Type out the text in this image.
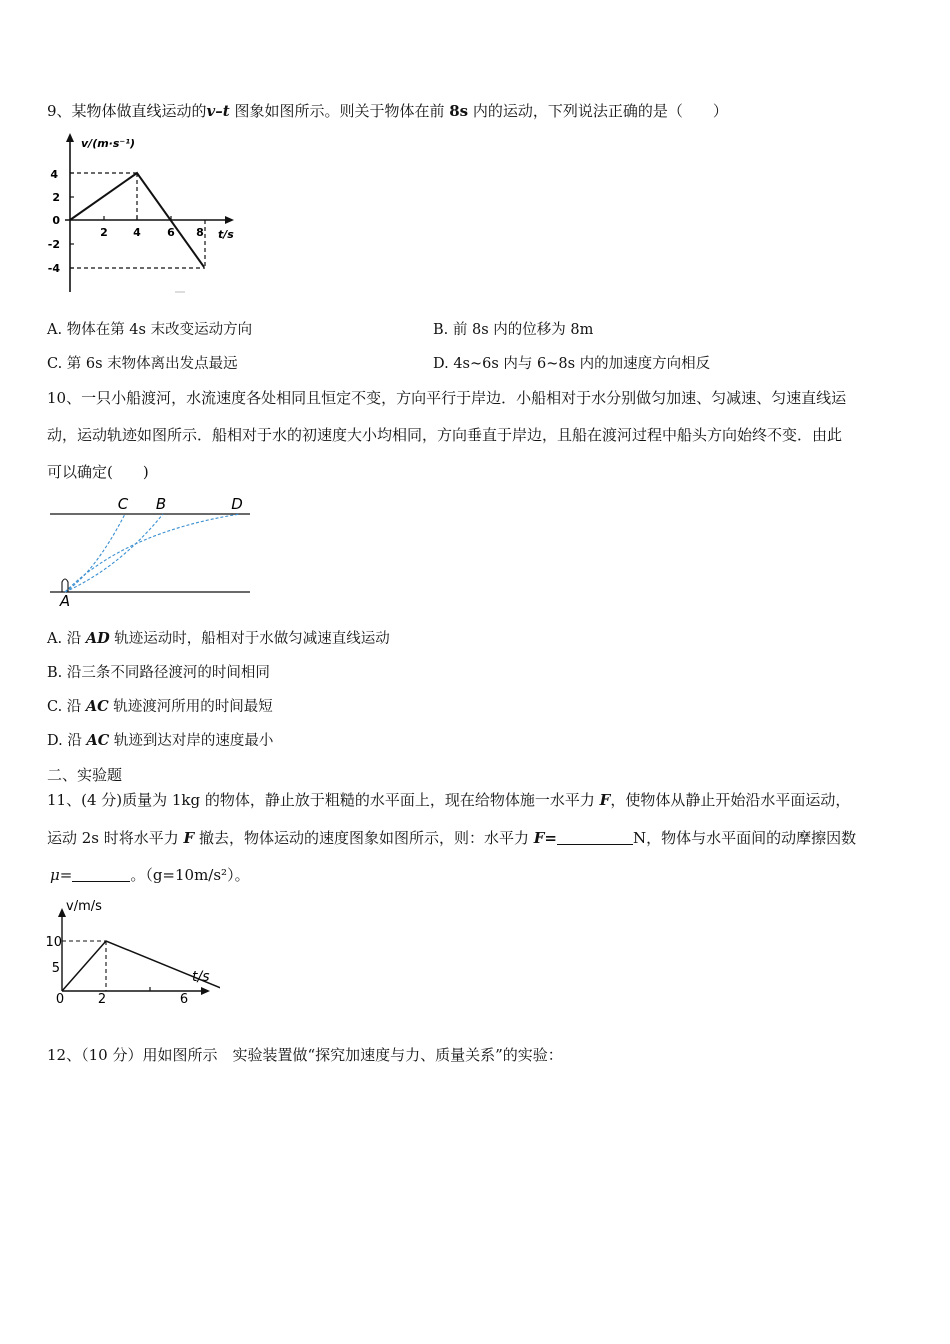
9、某物体做直线运动的v–t 图象如图所示。则关于物体在前 8s 内的运动，下列说法正确的是（　　）
v/(m·s⁻¹)
t/s
4
2
0
-2
-4
2 4 6 8
A. 物体在第 4s 末改变运动方向	B. 前 8s 内的位移为 8m
C. 第 6s 末物体离出发点最远	D. 4s~6s 内与 6~8s 内的加速度方向相反
10、一只小船渡河，水流速度各处相同且恒定不变，方向平行于岸边．小船相对于水分别做匀加速、匀减速、匀速直线运
动，运动轨迹如图所示．船相对于水的初速度大小均相同，方向垂直于岸边，且船在渡河过程中船头方向始终不变．由此
可以确定(　　)
C B	D
A
A. 沿 AD 轨迹运动时，船相对于水做匀减速直线运动
B. 沿三条不同路径渡河的时间相同
C. 沿 AC 轨迹渡河所用的时间最短
D. 沿 AC 轨迹到达对岸的速度最小
二、实验题
11、(4 分)质量为 1kg 的物体，静止放于粗糙的水平面上，现在给物体施一水平力 F，使物体从静止开始沿水平面运动，
运动 2s 时将水平力 F 撤去，物体运动的速度图象如图所示，则：水平力 F=	N，物体与水平面间的动摩擦因数
μ=	。（g=10m/s²）。
v/m/s
t/s
10
5
0	2	6
12、（10 分）用如图所示　实验装置做“探究加速度与力、质量关系”的实验：
